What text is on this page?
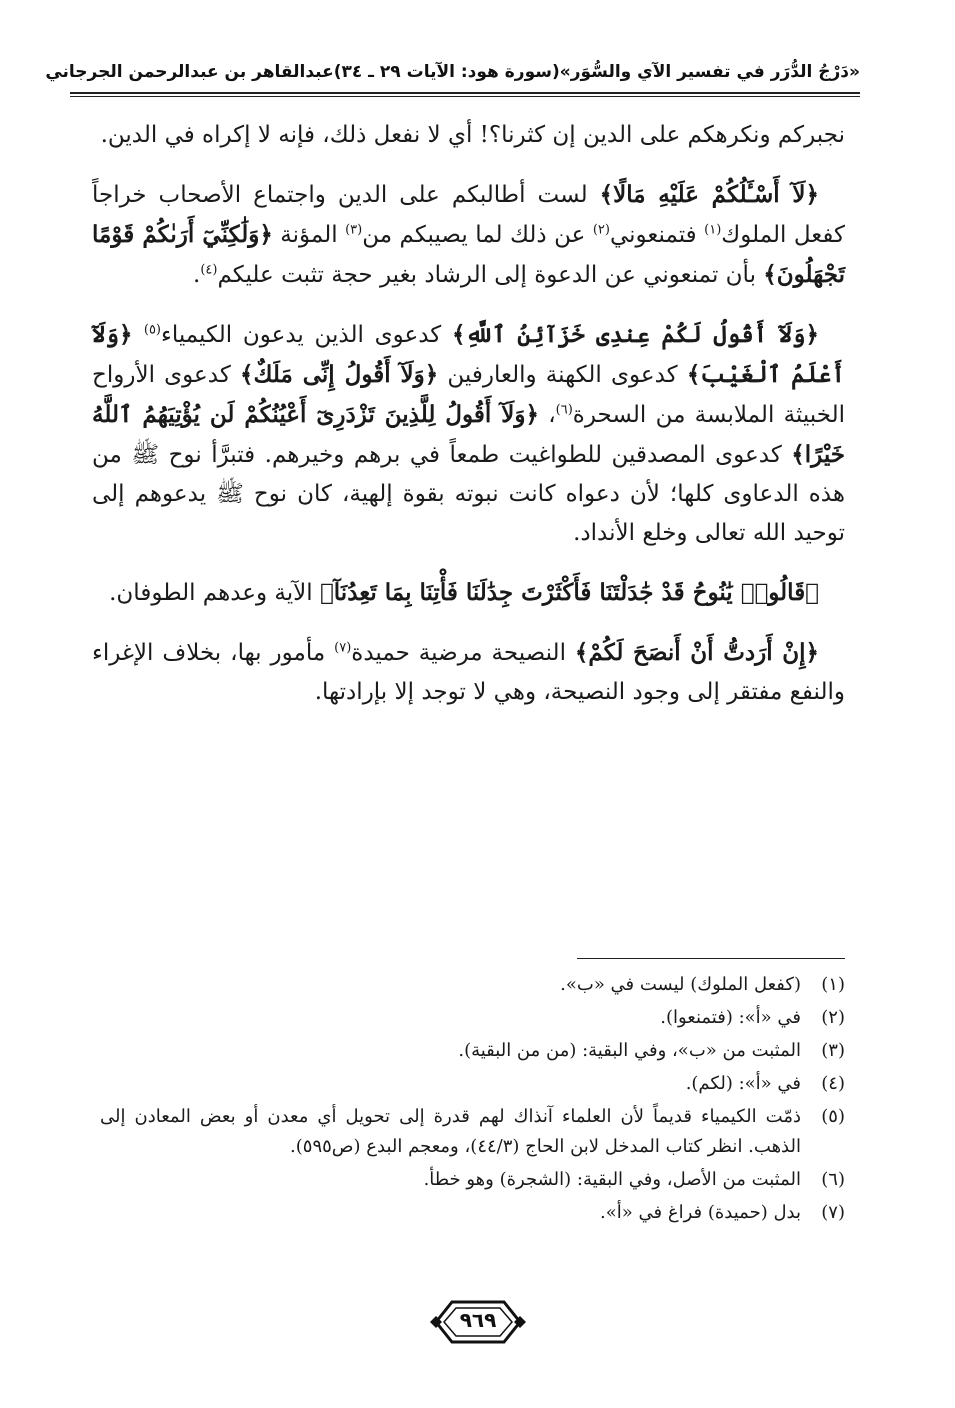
«دَرْجُ الدُّرَر في تفسير الآي والسُّوَر»
(سورة هود: الآيات ٢٩ ـ ٣٤)
عبدالقاهر بن عبدالرحمن الجرجاني

نجبركم ونكرهكم على الدين إن كثرنا؟! أي لا نفعل ذلك، فإنه لا إكراه في الدين.

﴿لَآ أَسْـَٔلُكُمْ عَلَيْهِ مَالًا﴾ لست أطالبكم على الدين واجتماع الأصحاب خراجاً كفعل الملوك$^{(١)}$ فتمنعوني$^{(٢)}$ عن ذلك لما يصيبكم من$^{(٣)}$ المؤنة ﴿وَلَٰكِنِّيٓ أَرَىٰكُمْ قَوْمًا تَجْهَلُونَ﴾ بأن تمنعوني عن الدعوة إلى الرشاد بغير حجة تثبت عليكم$^{(٤)}$.

﴿وَلَآ أَقُولُ لَكُمْ عِندِى خَزَآئِنُ ٱللَّهِ﴾ كدعوى الذين يدعون الكيمياء$^{(٥)}$ ﴿وَلَآ أَعْلَمُ ٱلْغَيْبَ﴾ كدعوى الكهنة والعارفين ﴿وَلَآ أَقُولُ إِنِّى مَلَكٌ﴾ كدعوى الأرواح الخبيثة الملابسة من السحرة$^{(٦)}$، ﴿وَلَآ أَقُولُ لِلَّذِينَ تَزْدَرِىٓ أَعْيُنُكُمْ لَن يُؤْتِيَهُمُ ٱللَّهُ خَيْرًا﴾ كدعوى المصدقين للطواغيت طمعاً في برهم وخيرهم. فتبرَّأ نوح ﷺ من هذه الدعاوى كلها؛ لأن دعواه كانت نبوته بقوة إلهية، كان نوح ﷺ يدعوهم إلى توحيد الله تعالى وخلع الأنداد.

﴿قَالُوا۟ يَٰنُوحُ قَدْ جَٰدَلْتَنَا فَأَكْثَرْتَ جِدَٰلَنَا فَأْتِنَا بِمَا تَعِدُنَآ﴾ الآية وعدهم الطوفان.

﴿إِنْ أَرَدتُّ أَنْ أَنصَحَ لَكُمْ﴾ النصيحة مرضية حميدة$^{(٧)}$ مأمور بها، بخلاف الإغراء والنفع مفتقر إلى وجود النصيحة، وهي لا توجد إلا بإرادتها.

(١)
(كفعل الملوك) ليست في «ب».
(٢)
في «أ»: (فتمنعوا).
(٣)
المثبت من «ب»، وفي البقية: (من من البقية).
(٤)
في «أ»: (لكم).
(٥)
ذمّت الكيمياء قديماً لأن العلماء آنذاك لهم قدرة إلى تحويل أي معدن أو بعض المعادن إلى الذهب. انظر كتاب المدخل لابن الحاج (٤٤/٣)، ومعجم البدع (ص٥٩٥).
(٦)
المثبت من الأصل، وفي البقية: (الشجرة) وهو خطأ.
(٧)
بدل (حميدة) فراغ في «أ».
٩٦٩
